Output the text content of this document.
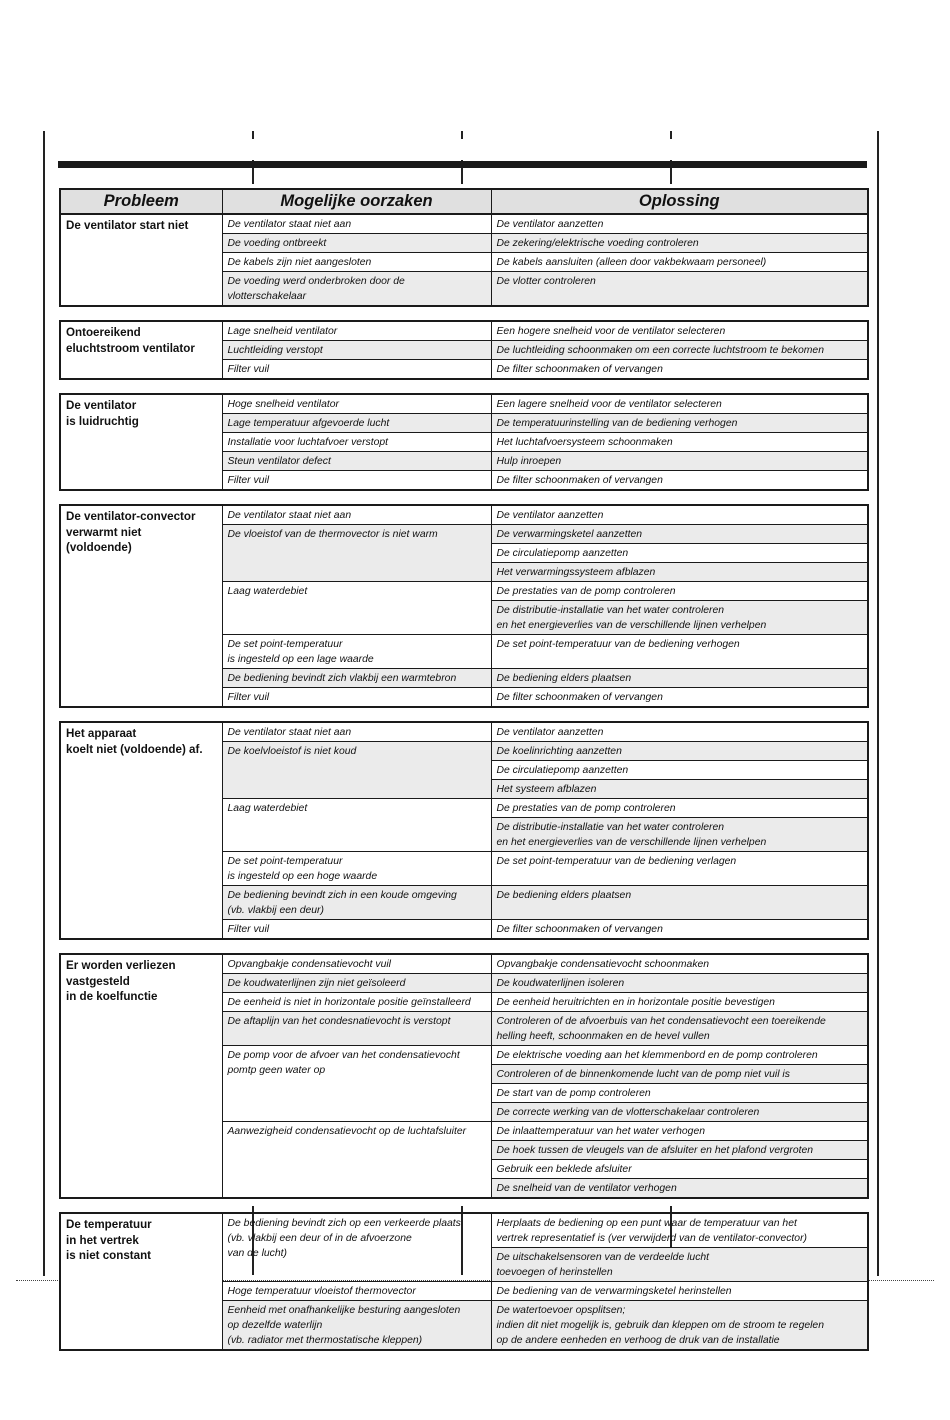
Probleem	Mogelijke oorzaken	Oplossing
De ventilator start niet	De ventilator staat niet aan	De ventilator aanzetten
	De voeding ontbreekt	De zekering/elektrische voeding controleren
	De kabels zijn niet aangesloten	De kabels aansluiten (alleen door vakbekwaam personeel)
	De voeding werd onderbroken door de vlotterschakelaar	De vlotter controleren
Ontoereikend
eluchtstroom ventilator	Lage snelheid ventilator	Een hogere snelheid voor de ventilator selecteren
	Luchtleiding verstopt	De luchtleiding schoonmaken om een correcte luchtstroom te bekomen
	Filter vuil	De filter schoonmaken of vervangen
De ventilator
is luidruchtig	Hoge snelheid ventilator	Een lagere snelheid voor de ventilator selecteren
	Lage temperatuur afgevoerde lucht	De temperatuurinstelling van de bediening verhogen
	Installatie voor luchtafvoer verstopt	Het luchtafvoersysteem schoonmaken
	Steun ventilator defect	Hulp inroepen
	Filter vuil	De filter schoonmaken of vervangen
De ventilator-convector
verwarmt niet
(voldoende)	De ventilator staat niet aan	De ventilator aanzetten
	De vloeistof van de thermovector is niet warm	De verwarmingsketel aanzetten
		De circulatiepomp aanzetten
		Het verwarmingssysteem afblazen
	Laag waterdebiet	De prestaties van de pomp controleren
		De distributie-installatie van het water controleren
en het energieverlies van de verschillende lijnen verhelpen
	De set point-temperatuur
is ingesteld op een lage waarde	De set point-temperatuur van de bediening verhogen
	De bediening bevindt zich vlakbij een warmtebron	De bediening elders plaatsen
	Filter vuil	De filter schoonmaken of vervangen
Het apparaat
koelt niet (voldoende) af.	De ventilator staat niet aan	De ventilator aanzetten
	De koelvloeistof is niet koud	De koelinrichting aanzetten
		De circulatiepomp aanzetten
		Het systeem afblazen
	Laag waterdebiet	De prestaties van de pomp controleren
		De distributie-installatie van het water controleren
en het energieverlies van de verschillende lijnen verhelpen
	De set point-temperatuur
is ingesteld op een hoge waarde	De set point-temperatuur van de bediening verlagen
	De bediening bevindt zich in een koude omgeving
(vb. vlakbij een deur)	De bediening elders plaatsen
	Filter vuil	De filter schoonmaken of vervangen
Er worden verliezen
vastgesteld
in de koelfunctie	Opvangbakje condensatievocht vuil	Opvangbakje condensatievocht schoonmaken
	De koudwaterlijnen zijn niet geïsoleerd	De koudwaterlijnen isoleren
	De eenheid is niet in horizontale positie geïnstalleerd	De eenheid heruitrichten en in horizontale positie bevestigen
	De aftaplijn van het condesnatievocht is verstopt	Controleren of de afvoerbuis van het condensatievocht een toereikende
helling heeft, schoonmaken en de hevel vullen
	De pomp voor de afvoer van het condensatievocht
pomtp geen water op	De elektrische voeding aan het klemmenbord en de pomp controleren
		Controleren of de binnenkomende lucht van de pomp niet vuil is
		De start van de pomp controleren
		De correcte werking van de vlotterschakelaar controleren
	Aanwezigheid condensatievocht op de luchtafsluiter	De inlaattemperatuur van het water verhogen
		De hoek tussen de vleugels van de afsluiter en het plafond vergroten
		Gebruik een beklede afsluiter
		De snelheid van de ventilator verhogen
De temperatuur
in het vertrek
is niet constant	De bediening bevindt zich op een verkeerde plaats
(vb. vlakbij een deur of in de afvoerzone
van de lucht)	Herplaats de bediening op een punt waar de temperatuur van het
vertrek representatief is (ver verwijderd van de ventilator-convector)
		De uitschakelsensoren van de verdeelde lucht
toevoegen of herinstellen
	Hoge temperatuur vloeistof thermovector	De bediening van de verwarmingsketel herinstellen
	Eenheid met onafhankelijke besturing aangesloten
op dezelfde waterlijn
(vb. radiator met thermostatische kleppen)	De watertoevoer opsplitsen;
indien dit niet mogelijk is, gebruik dan kleppen om de stroom te regelen
op de andere eenheden en verhoog de druk van de installatie
